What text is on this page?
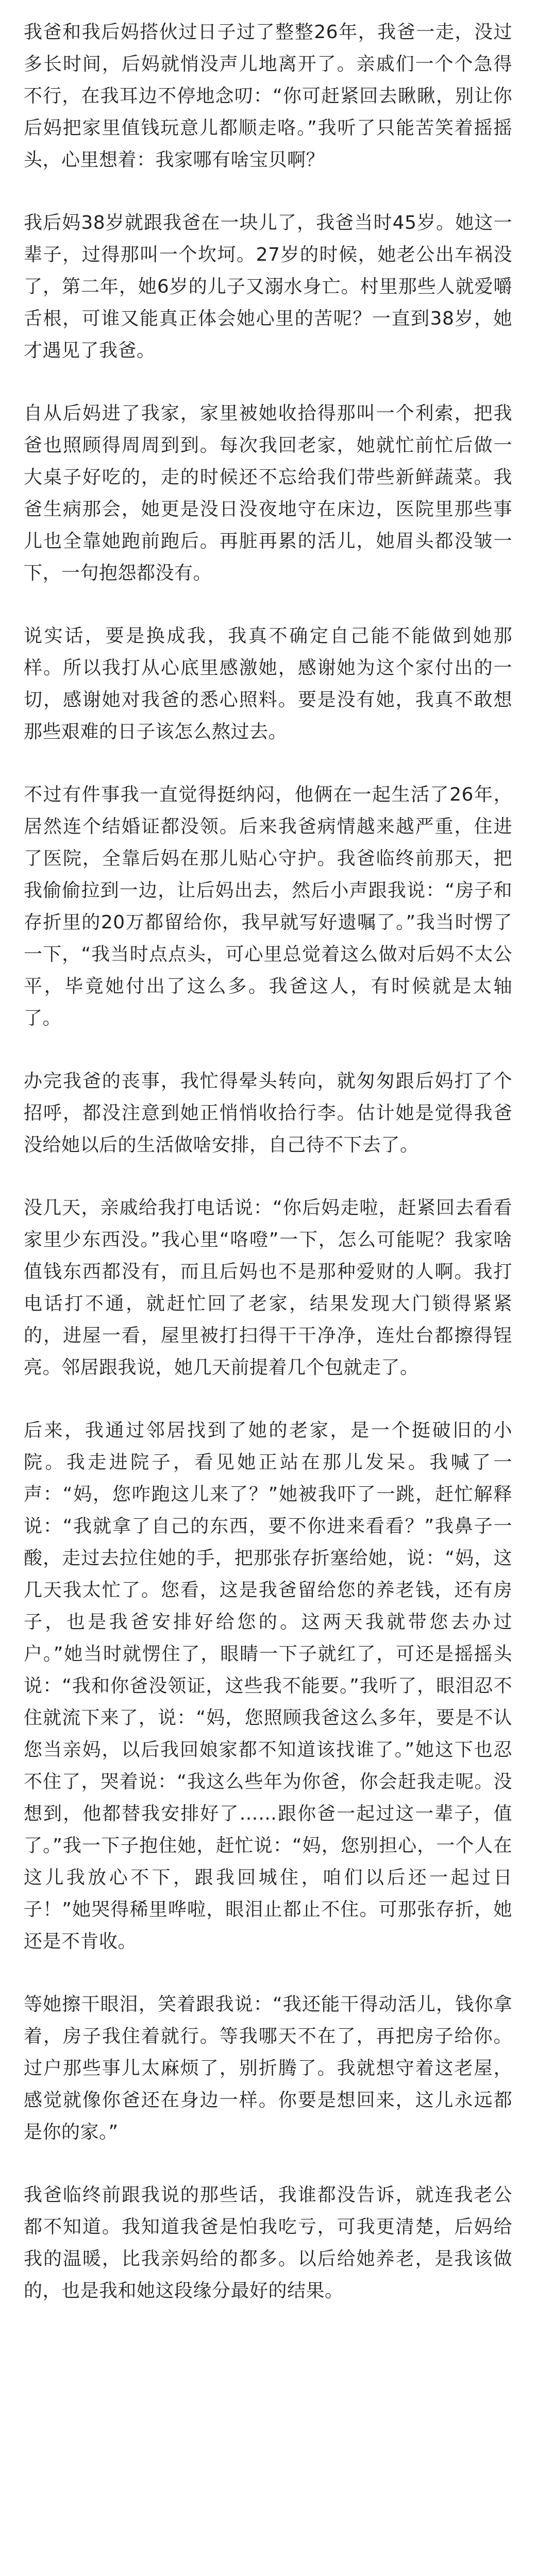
我爸和我后妈搭伙过日子过了整整26年，我爸一走，没过多长时间，后妈就悄没声儿地离开了。亲戚们一个个急得不行，在我耳边不停地念叨：“你可赶紧回去瞅瞅，别让你后妈把家里值钱玩意儿都顺走咯。”我听了只能苦笑着摇摇头，心里想着：我家哪有啥宝贝啊？

我后妈38岁就跟我爸在一块儿了，我爸当时45岁。她这一辈子，过得那叫一个坎坷。27岁的时候，她老公出车祸没了，第二年，她6岁的儿子又溺水身亡。村里那些人就爱嚼舌根，可谁又能真正体会她心里的苦呢？一直到38岁，她才遇见了我爸。

自从后妈进了我家，家里被她收拾得那叫一个利索，把我爸也照顾得周周到到。每次我回老家，她就忙前忙后做一大桌子好吃的，走的时候还不忘给我们带些新鲜蔬菜。我爸生病那会，她更是没日没夜地守在床边，医院里那些事儿也全靠她跑前跑后。再脏再累的活儿，她眉头都没皱一下，一句抱怨都没有。

说实话，要是换成我，我真不确定自己能不能做到她那样。所以我打从心底里感激她，感谢她为这个家付出的一切，感谢她对我爸的悉心照料。要是没有她，我真不敢想那些艰难的日子该怎么熬过去。

不过有件事我一直觉得挺纳闷，他俩在一起生活了26年，居然连个结婚证都没领。后来我爸病情越来越严重，住进了医院，全靠后妈在那儿贴心守护。我爸临终前那天，把我偷偷拉到一边，让后妈出去，然后小声跟我说：“房子和存折里的20万都留给你，我早就写好遗嘱了。”我当时愣了一下，“我当时点点头，可心里总觉着这么做对后妈不太公平，毕竟她付出了这么多。我爸这人，有时候就是太轴了。

办完我爸的丧事，我忙得晕头转向，就匆匆跟后妈打了个招呼，都没注意到她正悄悄收拾行李。估计她是觉得我爸没给她以后的生活做啥安排，自己待不下去了。

没几天，亲戚给我打电话说：“你后妈走啦，赶紧回去看看家里少东西没。”我心里“咯噔”一下，怎么可能呢？我家啥值钱东西都没有，而且后妈也不是那种爱财的人啊。我打电话打不通，就赶忙回了老家，结果发现大门锁得紧紧的，进屋一看，屋里被打扫得干干净净，连灶台都擦得锃亮。邻居跟我说，她几天前提着几个包就走了。

后来，我通过邻居找到了她的老家，是一个挺破旧的小院。我走进院子，看见她正站在那儿发呆。我喊了一声：“妈，您咋跑这儿来了？”她被我吓了一跳，赶忙解释说：“我就拿了自己的东西，要不你进来看看？”我鼻子一酸，走过去拉住她的手，把那张存折塞给她，说：“妈，这几天我太忙了。您看，这是我爸留给您的养老钱，还有房子，也是我爸安排好给您的。这两天我就带您去办过户。”她当时就愣住了，眼睛一下子就红了，可还是摇摇头说：“我和你爸没领证，这些我不能要。”我听了，眼泪忍不住就流下来了，说：“妈，您照顾我爸这么多年，要是不认您当亲妈，以后我回娘家都不知道该找谁了。”她这下也忍不住了，哭着说：“我这么些年为你爸，你会赶我走呢。没想到，他都替我安排好了……跟你爸一起过这一辈子，值了。”我一下子抱住她，赶忙说：“妈，您别担心，一个人在这儿我放心不下，跟我回城住，咱们以后还一起过日子！”她哭得稀里哗啦，眼泪止都止不住。可那张存折，她还是不肯收。

等她擦干眼泪，笑着跟我说：“我还能干得动活儿，钱你拿着，房子我住着就行。等我哪天不在了，再把房子给你。过户那些事儿太麻烦了，别折腾了。我就想守着这老屋，感觉就像你爸还在身边一样。你要是想回来，这儿永远都是你的家。”

我爸临终前跟我说的那些话，我谁都没告诉，就连我老公都不知道。我知道我爸是怕我吃亏，可我更清楚，后妈给我的温暖，比我亲妈给的都多。以后给她养老，是我该做的，也是我和她这段缘分最好的结果。
